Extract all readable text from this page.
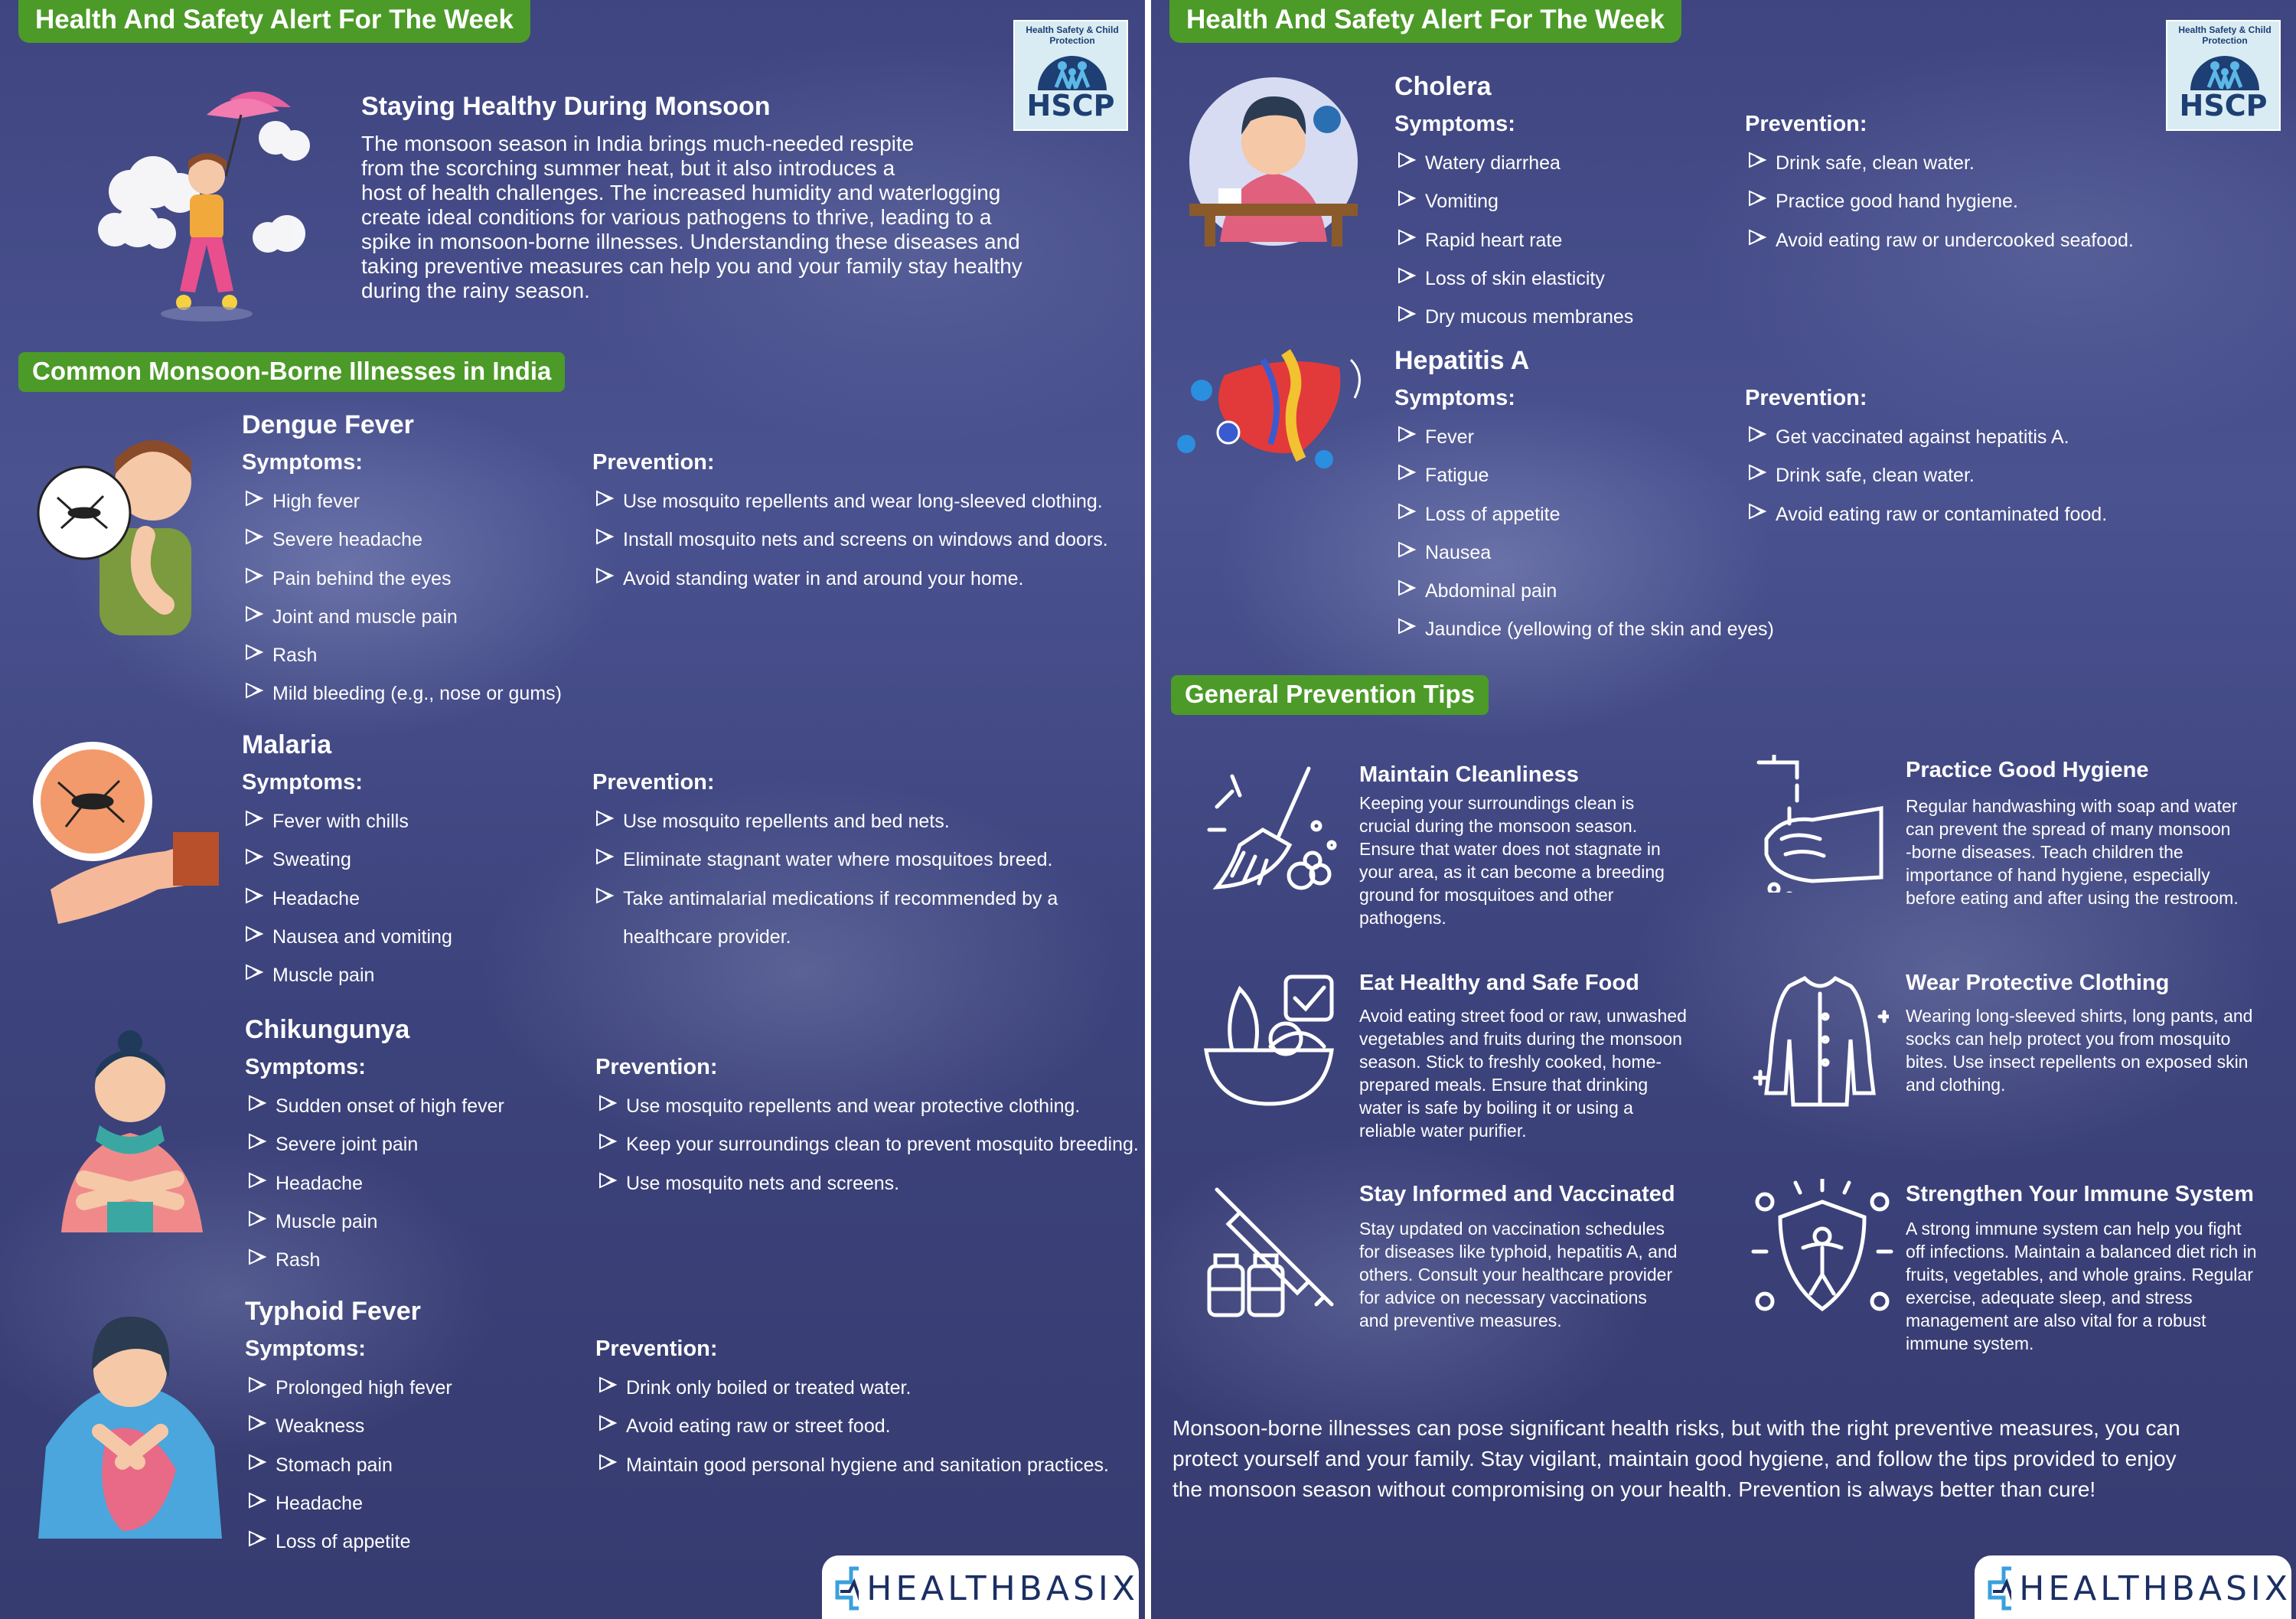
Health And Safety Alert For The Week	Health Safety & Child Protection
HSCP
Staying Healthy During Monsoon
The monsoon season in India brings much-needed respite
from the scorching summer heat, but it also introduces a
host of health challenges. The increased humidity and waterlogging
create ideal conditions for various pathogens to thrive, leading to a
spike in monsoon-borne illnesses. Understanding these diseases and
taking preventive measures can help you and your family stay healthy
during the rainy season.
Common Monsoon-Borne Illnesses in India
Dengue Fever
Symptoms:	Prevention:
High fever
Severe headache
Pain behind the eyes
Joint and muscle pain
Rash
Mild bleeding (e.g., nose or gums)
Use mosquito repellents and wear long-sleeved clothing.
Install mosquito nets and screens on windows and doors.
Avoid standing water in and around your home.
Malaria
Symptoms:	Prevention:
Fever with chills
Sweating
Headache
Nausea and vomiting
Muscle pain
Use mosquito repellents and bed nets.
Eliminate stagnant water where mosquitoes breed.
Take antimalarial medications if recommended by a
healthcare provider.
Chikungunya
Symptoms:	Prevention:
Sudden onset of high fever
Severe joint pain
Headache
Muscle pain
Rash
Use mosquito repellents and wear protective clothing.
Keep your surroundings clean to prevent mosquito breeding.
Use mosquito nets and screens.
Typhoid Fever
Symptoms:	Prevention:
Prolonged high fever
Weakness
Stomach pain
Headache
Loss of appetite
Drink only boiled or treated water.
Avoid eating raw or street food.
Maintain good personal hygiene and sanitation practices.
HEALTHBASIX
Health And Safety Alert For The Week	Health Safety & Child Protection
HSCP
Cholera
Symptoms:	Prevention:
Watery diarrhea
Vomiting
Rapid heart rate
Loss of skin elasticity
Dry mucous membranes
Drink safe, clean water.
Practice good hand hygiene.
Avoid eating raw or undercooked seafood.
Hepatitis A
Symptoms:	Prevention:
Fever
Fatigue
Loss of appetite
Nausea
Abdominal pain
Jaundice (yellowing of the skin and eyes)
Get vaccinated against hepatitis A.
Drink safe, clean water.
Avoid eating raw or contaminated food.
General Prevention Tips
Maintain Cleanliness
Keeping your surroundings clean is
crucial during the monsoon season.
Ensure that water does not stagnate in
your area, as it can become a breeding
ground for mosquitoes and other
pathogens.
Practice Good Hygiene
Regular handwashing with soap and water
can prevent the spread of many monsoon
-borne diseases. Teach children the
importance of hand hygiene, especially
before eating and after using the restroom.
Eat Healthy and Safe Food
Avoid eating street food or raw, unwashed
vegetables and fruits during the monsoon
season. Stick to freshly cooked, home-
prepared meals. Ensure that drinking
water is safe by boiling it or using a
reliable water purifier.
Wear Protective Clothing
Wearing long-sleeved shirts, long pants, and
socks can help protect you from mosquito
bites. Use insect repellents on exposed skin
and clothing.
Stay Informed and Vaccinated
Stay updated on vaccination schedules
for diseases like typhoid, hepatitis A, and
others. Consult your healthcare provider
for advice on necessary vaccinations
and preventive measures.
Strengthen Your Immune System
A strong immune system can help you fight
off infections. Maintain a balanced diet rich in
fruits, vegetables, and whole grains. Regular
exercise, adequate sleep, and stress
management are also vital for a robust
immune system.
Monsoon-borne illnesses can pose significant health risks, but with the right preventive measures, you can
protect yourself and your family. Stay vigilant, maintain good hygiene, and follow the tips provided to enjoy
the monsoon season without compromising on your health. Prevention is always better than cure!
HEALTHBASIX
